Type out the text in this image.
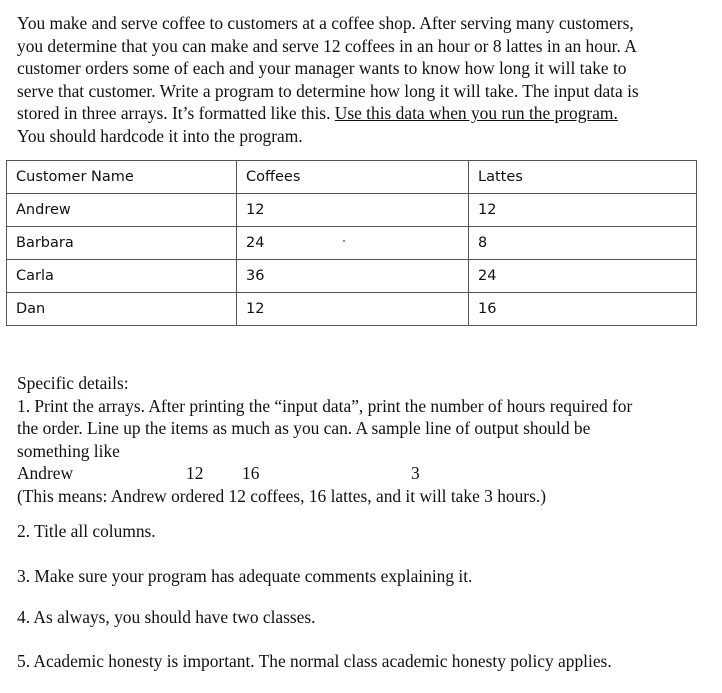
You make and serve coffee to customers at a coffee shop. After serving many customers,
you determine that you can make and serve 12 coffees in an hour or 8 lattes in an hour. A
customer orders some of each and your manager wants to know how long it will take to
serve that customer. Write a program to determine how long it will take. The input data is
stored in three arrays. It’s formatted like this. Use this data when you run the program.
You should hardcode it into the program.
Customer Name	Coffees	Lattes
Andrew	12	12
Barbara	24	8
Carla	36	24
Dan	12	16
Specific details:
1. Print the arrays. After printing the “input data”, print the number of hours required for
the order. Line up the items as much as you can. A sample line of output should be
something like
Andrew	12 16	3
(This means: Andrew ordered 12 coffees, 16 lattes, and it will take 3 hours.)
2. Title all columns.
3. Make sure your program has adequate comments explaining it.
4. As always, you should have two classes.
5. Academic honesty is important. The normal class academic honesty policy applies.
